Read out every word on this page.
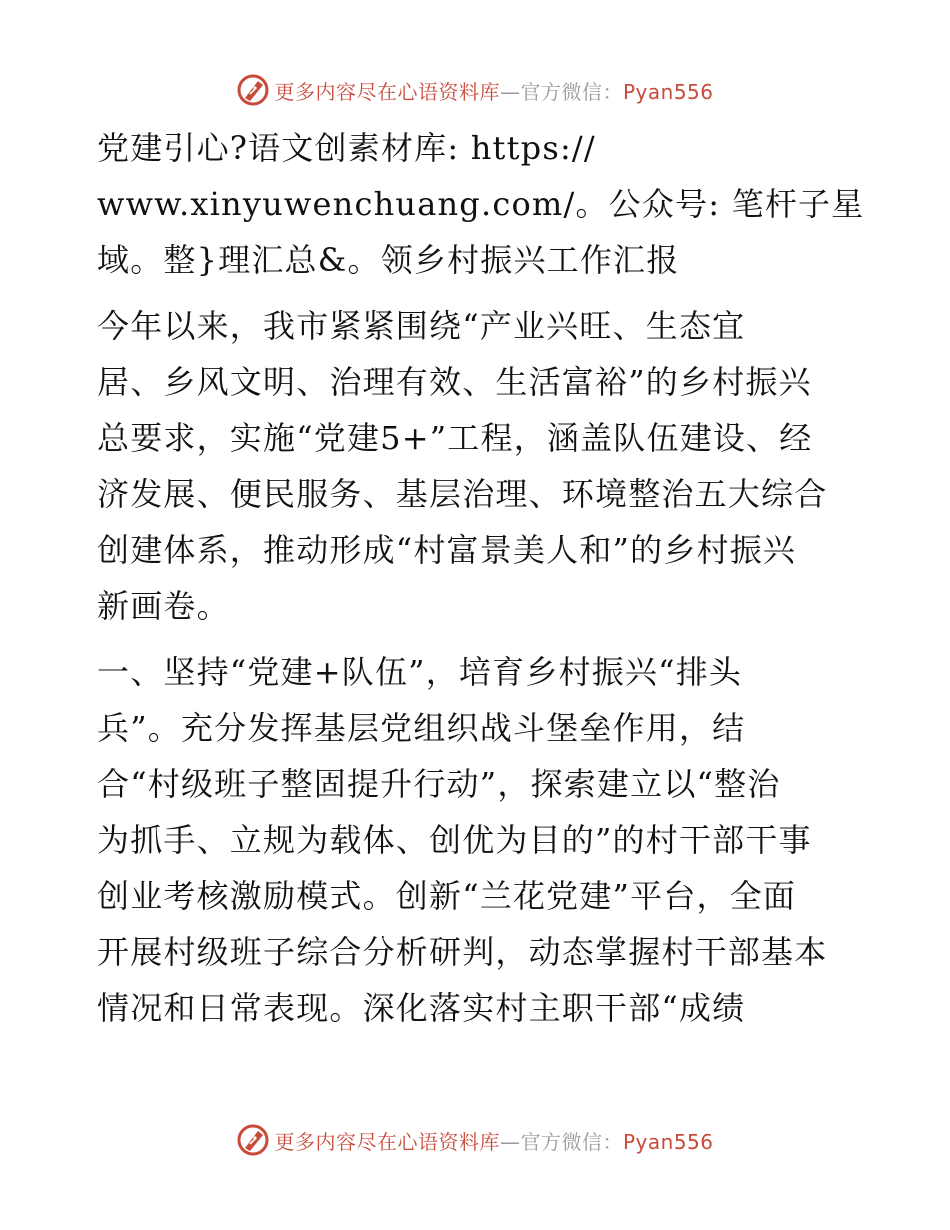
更多内容尽在心语资料库—官方微信：Pyan556

党建引心?语文创素材库: https://
www.xinyuwenchuang.com/。公众号: 笔杆子星
域。整}理汇总&。领乡村振兴工作汇报

今年以来，我市紧紧围绕“产业兴旺、生态宜
居、乡风文明、治理有效、生活富裕”的乡村振兴
总要求，实施“党建5+”工程，涵盖队伍建设、经
济发展、便民服务、基层治理、环境整治五大综合
创建体系，推动形成“村富景美人和”的乡村振兴
新画卷。

一、坚持“党建+队伍”，培育乡村振兴“排头
兵”。充分发挥基层党组织战斗堡垒作用，结
合“村级班子整固提升行动”，探索建立以“整治
为抓手、立规为载体、创优为目的”的村干部干事
创业考核激励模式。创新“兰花党建”平台，全面
开展村级班子综合分析研判，动态掌握村干部基本
情况和日常表现。深化落实村主职干部“成绩

更多内容尽在心语资料库—官方微信：Pyan556
